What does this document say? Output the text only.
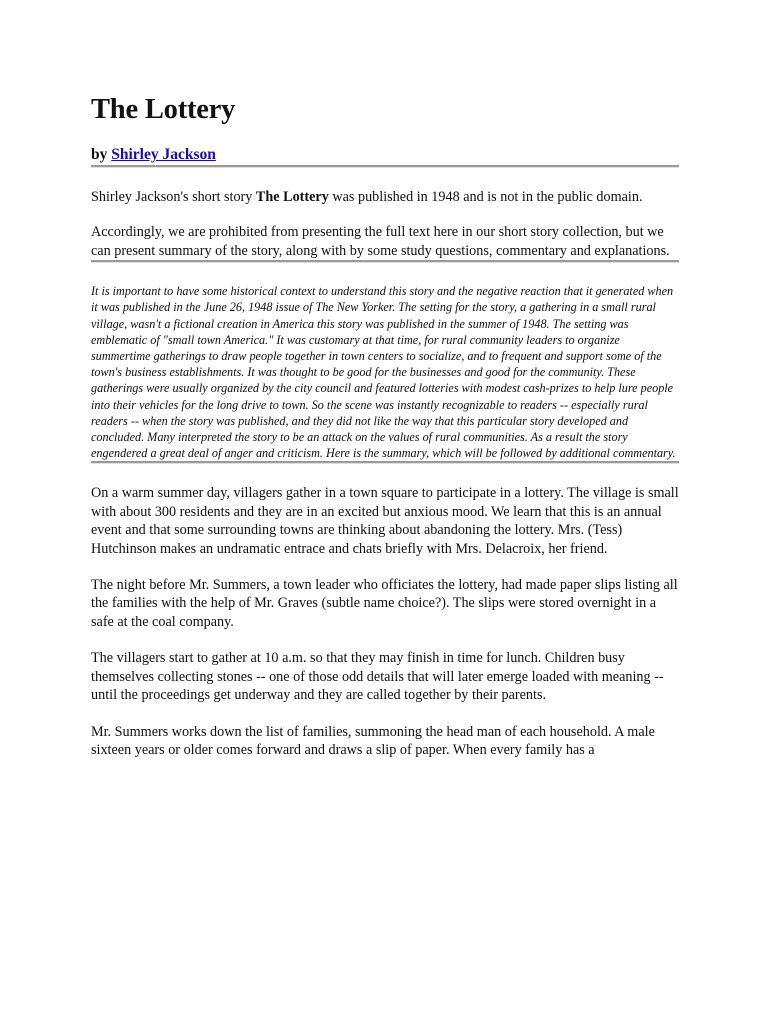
The Lottery
by Shirley Jackson

Shirley Jackson's short story The Lottery was published in 1948 and is not in the public domain.

Accordingly, we are prohibited from presenting the full text here in our short story collection, but we can present summary of the story, along with by some study questions, commentary and explanations.

It is important to have some historical context to understand this story and the negative reaction that it generated when it was published in the June 26, 1948 issue of The New Yorker. The setting for the story, a gathering in a small rural village, wasn't a fictional creation in America this story was published in the summer of 1948. The setting was emblematic of "small town America." It was customary at that time, for rural community leaders to organize summertime gatherings to draw people together in town centers to socialize, and to frequent and support some of the town's business establishments. It was thought to be good for the businesses and good for the community. These gatherings were usually organized by the city council and featured lotteries with modest cash-prizes to help lure people into their vehicles for the long drive to town. So the scene was instantly recognizable to readers -- especially rural readers -- when the story was published, and they did not like the way that this particular story developed and concluded. Many interpreted the story to be an attack on the values of rural communities. As a result the story engendered a great deal of anger and criticism. Here is the summary, which will be followed by additional commentary.

On a warm summer day, villagers gather in a town square to participate in a lottery. The village is small with about 300 residents and they are in an excited but anxious mood. We learn that this is an annual event and that some surrounding towns are thinking about abandoning the lottery. Mrs. (Tess) Hutchinson makes an undramatic entrace and chats briefly with Mrs. Delacroix, her friend.

The night before Mr. Summers, a town leader who officiates the lottery, had made paper slips listing all the families with the help of Mr. Graves (subtle name choice?). The slips were stored overnight in a safe at the coal company.

The villagers start to gather at 10 a.m. so that they may finish in time for lunch. Children busy themselves collecting stones -- one of those odd details that will later emerge loaded with meaning -- until the proceedings get underway and they are called together by their parents.

Mr. Summers works down the list of families, summoning the head man of each household. A male sixteen years or older comes forward and draws a slip of paper. When every family has a
